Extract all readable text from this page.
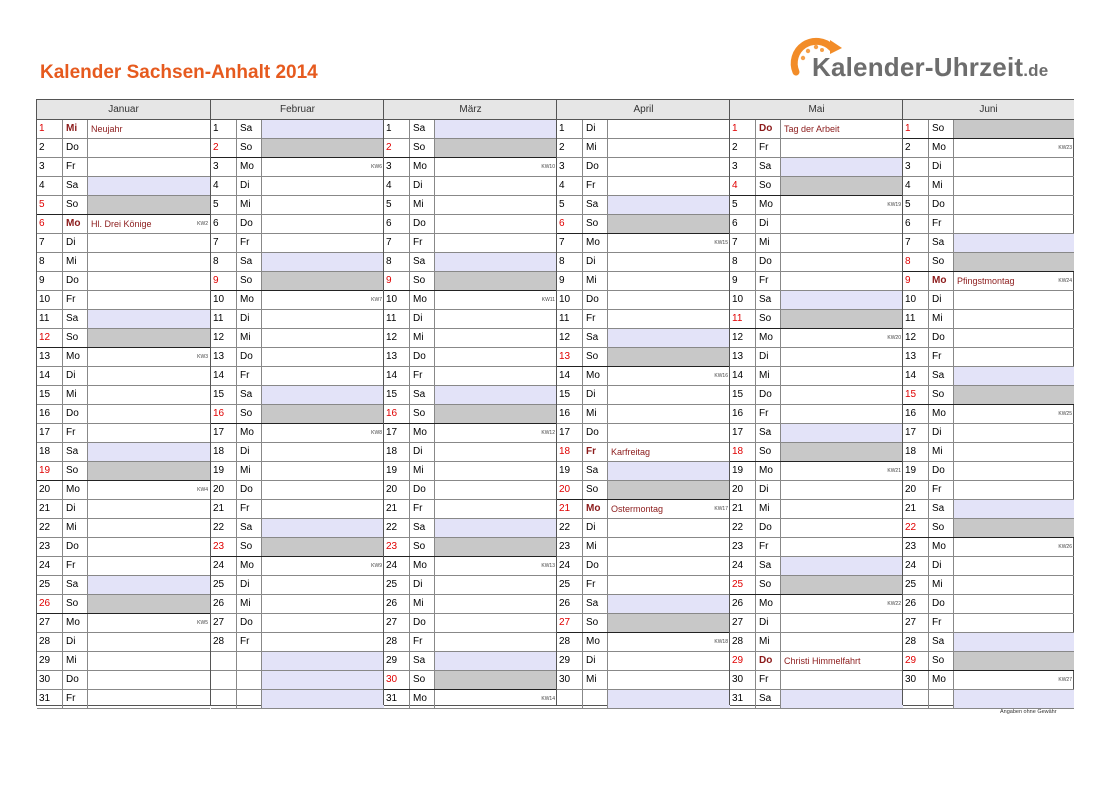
Kalender Sachsen-Anhalt 2014	Kalender-Uhrzeit.de
Januar
1	Mi	Neujahr
2	Do
3	Fr
4	Sa
5	So
6	Mo	Hl. Drei Könige	KW2
7	Di
8	Mi
9	Do
10	Fr
11	Sa
12	So
13	Mo	KW3
14	Di
15	Mi
16	Do
17	Fr
18	Sa
19	So
20	Mo	KW4
21	Di
22	Mi
23	Do
24	Fr
25	Sa
26	So
27	Mo	KW5
28	Di
29	Mi
30	Do
31	Fr
Februar
1	Sa
2	So
3	Mo	KW6
4	Di
5	Mi
6	Do
7	Fr
8	Sa
9	So
10	Mo	KW7
11	Di
12	Mi
13	Do
14	Fr
15	Sa
16	So
17	Mo	KW8
18	Di
19	Mi
20	Do
21	Fr
22	Sa
23	So
24	Mo	KW9
25	Di
26	Mi
27	Do
28	Fr
März
1	Sa
2	So
3	Mo	KW10
4	Di
5	Mi
6	Do
7	Fr
8	Sa
9	So
10	Mo	KW11
11	Di
12	Mi
13	Do
14	Fr
15	Sa
16	So
17	Mo	KW12
18	Di
19	Mi
20	Do
21	Fr
22	Sa
23	So
24	Mo	KW13
25	Di
26	Mi
27	Do
28	Fr
29	Sa
30	So
31	Mo	KW14
April
1	Di
2	Mi
3	Do
4	Fr
5	Sa
6	So
7	Mo	KW15
8	Di
9	Mi
10	Do
11	Fr
12	Sa
13	So
14	Mo	KW16
15	Di
16	Mi
17	Do
18	Fr	Karfreitag
19	Sa
20	So
21	Mo	Ostermontag	KW17
22	Di
23	Mi
24	Do
25	Fr
26	Sa
27	So
28	Mo	KW18
29	Di
30	Mi
Mai
1	Do	Tag der Arbeit
2	Fr
3	Sa
4	So
5	Mo	KW19
6	Di
7	Mi
8	Do
9	Fr
10	Sa
11	So
12	Mo	KW20
13	Di
14	Mi
15	Do
16	Fr
17	Sa
18	So
19	Mo	KW21
20	Di
21	Mi
22	Do
23	Fr
24	Sa
25	So
26	Mo	KW22
27	Di
28	Mi
29	Do	Christi Himmelfahrt
30	Fr
31	Sa
Juni
1	So
2	Mo	KW23
3	Di
4	Mi
5	Do
6	Fr
7	Sa
8	So
9	Mo	Pfingstmontag	KW24
10	Di
11	Mi
12	Do
13	Fr
14	Sa
15	So
16	Mo	KW25
17	Di
18	Mi
19	Do
20	Fr
21	Sa
22	So
23	Mo	KW26
24	Di
25	Mi
26	Do
27	Fr
28	Sa
29	So
30	Mo	KW27
Angaben ohne Gewähr
